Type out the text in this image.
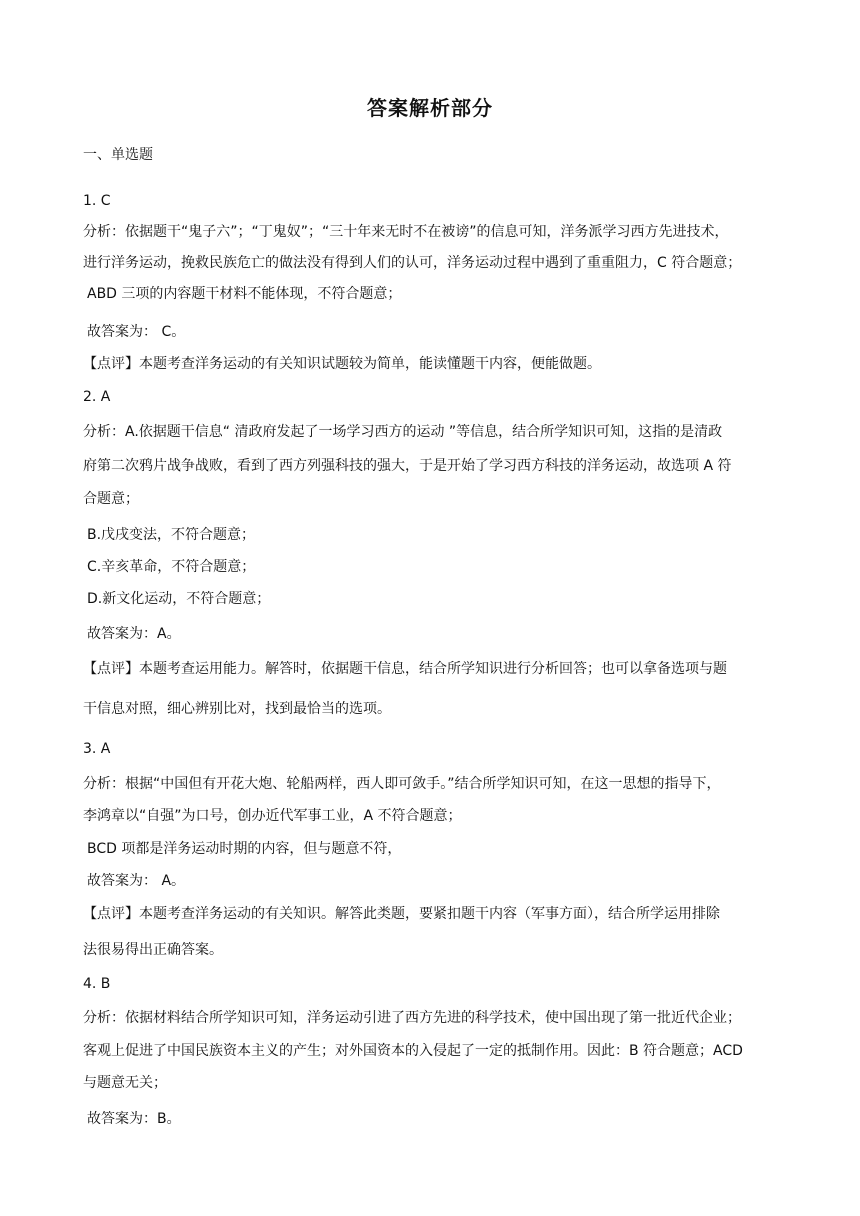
答案解析部分
一、单选题
1. C
分析：依据题干“鬼子六”；“丁鬼奴”；“三十年来无时不在被谤”的信息可知，洋务派学习西方先进技术，
进行洋务运动，挽救民族危亡的做法没有得到人们的认可，洋务运动过程中遇到了重重阻力，C 符合题意；
ABD 三项的内容题干材料不能体现，不符合题意；
故答案为： C。
【点评】本题考查洋务运动的有关知识试题较为简单，能读懂题干内容，便能做题。
2. A
分析：A.依据题干信息“ 清政府发起了一场学习西方的运动 ”等信息，结合所学知识可知，这指的是清政
府第二次鸦片战争战败，看到了西方列强科技的强大，于是开始了学习西方科技的洋务运动，故选项 A 符
合题意；
B.戊戌变法，不符合题意；
C.辛亥革命，不符合题意；
D.新文化运动，不符合题意；
故答案为：A。
【点评】本题考查运用能力。解答时，依据题干信息，结合所学知识进行分析回答；也可以拿备选项与题
干信息对照，细心辨别比对，找到最恰当的选项。
3. A
分析：根据“中国但有开花大炮、轮船两样，西人即可敛手。”结合所学知识可知，在这一思想的指导下，
李鸿章以“自强”为口号，创办近代军事工业，A 不符合题意；
BCD 项都是洋务运动时期的内容，但与题意不符，
故答案为： A。
【点评】本题考查洋务运动的有关知识。解答此类题，要紧扣题干内容（军事方面），结合所学运用排除
法很易得出正确答案。
4. B
分析：依据材料结合所学知识可知，洋务运动引进了西方先进的科学技术，使中国出现了第一批近代企业；
客观上促进了中国民族资本主义的产生；对外国资本的入侵起了一定的抵制作用。因此：B 符合题意；ACD
与题意无关；
故答案为：B。
